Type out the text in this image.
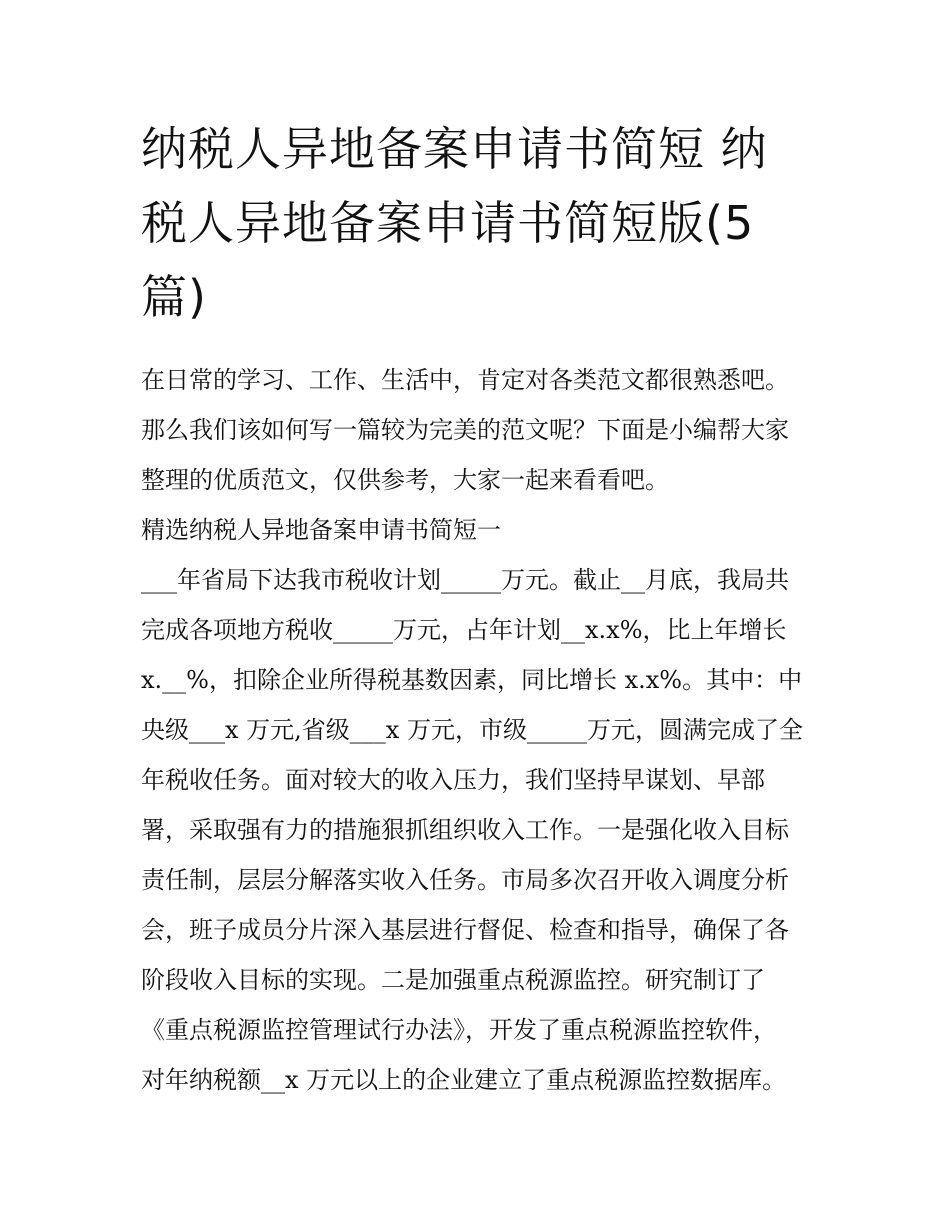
纳税人异地备案申请书简短 纳
税人异地备案申请书简短版(5
篇)
在日常的学习、工作、生活中，肯定对各类范文都很熟悉吧。
那么我们该如何写一篇较为完美的范文呢？下面是小编帮大家
整理的优质范文，仅供参考，大家一起来看看吧。
精选纳税人异地备案申请书简短一
___年省局下达我市税收计划_____万元。截止__月底，我局共
完成各项地方税收_____万元，占年计划__x.x%，比上年增长
x.__%，扣除企业所得税基数因素，同比增长 x.x%。其中：中
央级___x 万元,省级___x 万元，市级_____万元，圆满完成了全
年税收任务。面对较大的收入压力，我们坚持早谋划、早部
署，采取强有力的措施狠抓组织收入工作。一是强化收入目标
责任制，层层分解落实收入任务。市局多次召开收入调度分析
会，班子成员分片深入基层进行督促、检查和指导，确保了各
阶段收入目标的实现。二是加强重点税源监控。研究制订了
《重点税源监控管理试行办法》，开发了重点税源监控软件，
对年纳税额__x 万元以上的企业建立了重点税源监控数据库。
